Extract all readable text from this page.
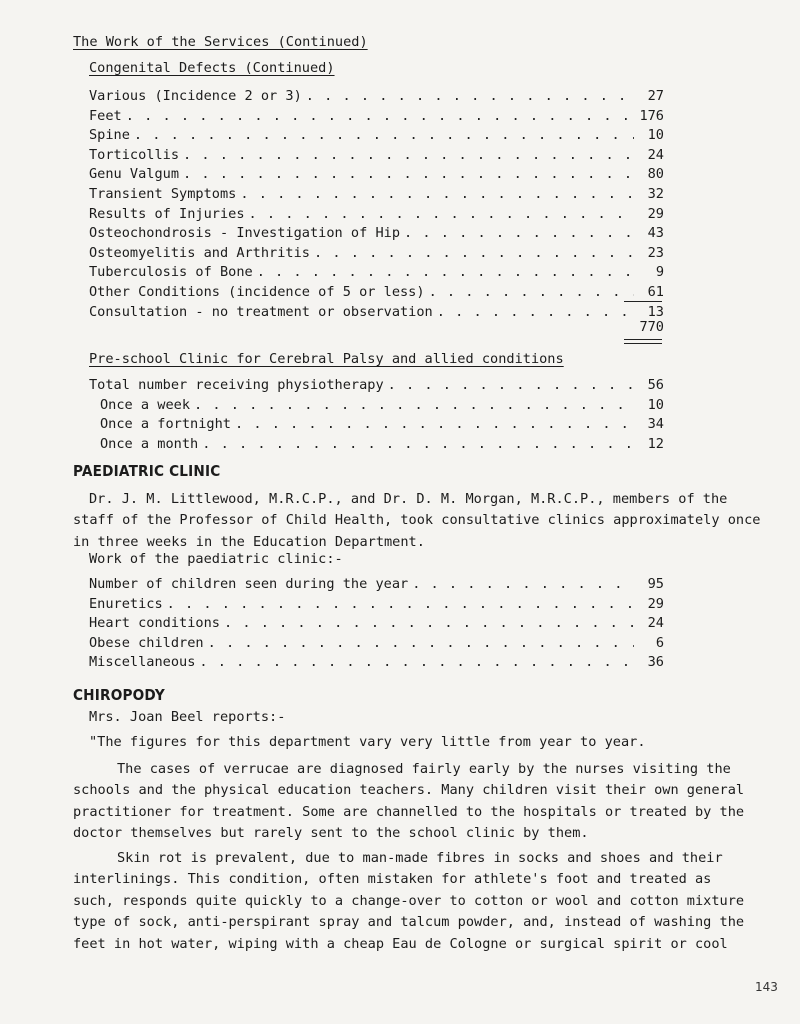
The Work of the Services (Continued)
Congenital Defects (Continued)
Various (Incidence 2 or 3) . . .	27
Feet . . .	176
Spine . . .	10
Torticollis . . .	24
Genu Valgum . . .	80
Transient Symptoms . . .	32
Results of Injuries . . .	29
Osteochondrosis - Investigation of Hip . . .	43
Osteomyelitis and Arthritis . . .	23
Tuberculosis of Bone . . .	9
Other Conditions (incidence of 5 or less) . . .	61
Consultation - no treatment or observation . . .	13
770
Pre-school Clinic for Cerebral Palsy and allied conditions
Total number receiving physiotherapy . . .	56
Once a week . . .	10
Once a fortnight . . .	34
Once a month . . .	12
PAEDIATRIC CLINIC
Dr. J. M. Littlewood, M.R.C.P., and Dr. D. M. Morgan, M.R.C.P., members of the
staff of the Professor of Child Health, took consultative clinics approximately once
in three weeks in the Education Department.
Work of the paediatric clinic:-
Number of children seen during the year . . .	95
Enuretics . . .	29
Heart conditions . . .	24
Obese children . . .	6
Miscellaneous . . .	36
CHIROPODY
Mrs. Joan Beel reports:-
"The figures for this department vary very little from year to year.
The cases of verrucae are diagnosed fairly early by the nurses visiting the
schools and the physical education teachers. Many children visit their own general
practitioner for treatment. Some are channelled to the hospitals or treated by the
doctor themselves but rarely sent to the school clinic by them.
Skin rot is prevalent, due to man-made fibres in socks and shoes and their
interlinings. This condition, often mistaken for athlete's foot and treated as
such, responds quite quickly to a change-over to cotton or wool and cotton mixture
type of sock, anti-perspirant spray and talcum powder, and, instead of washing the
feet in hot water, wiping with a cheap Eau de Cologne or surgical spirit or cool
143
